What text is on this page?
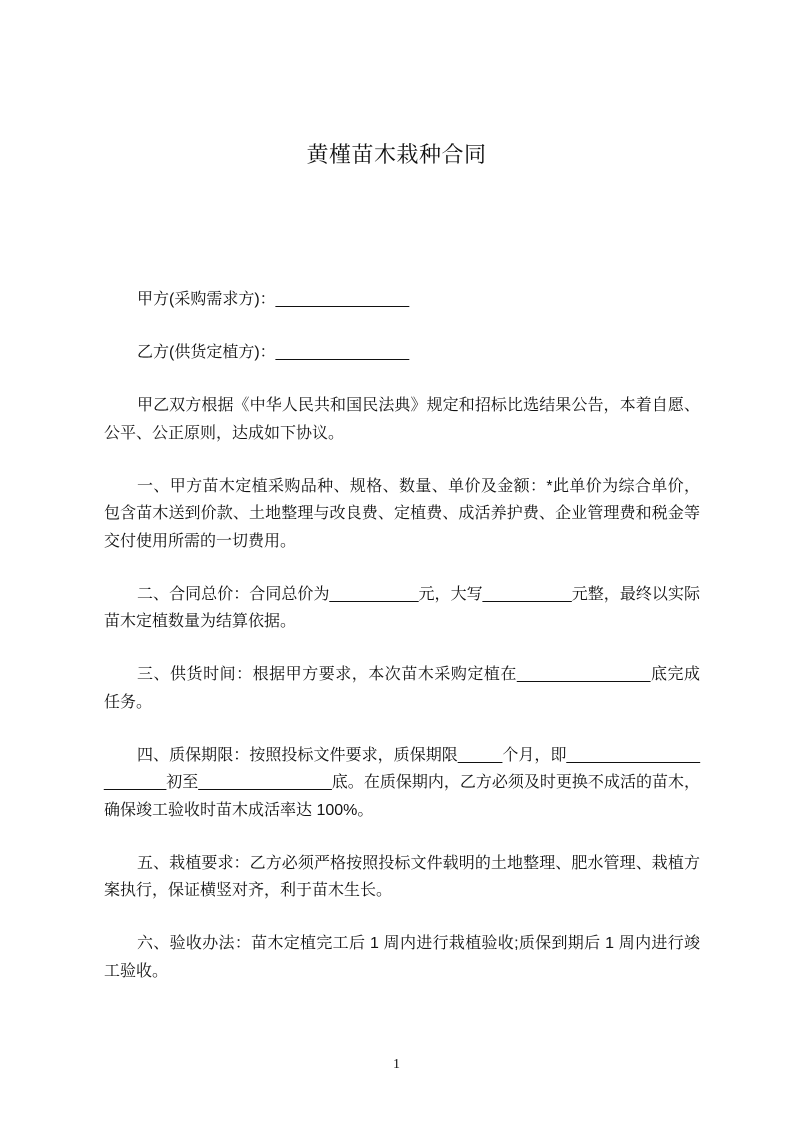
黄槿苗木栽种合同

甲方(采购需求方)：_______________

乙方(供货定植方)：_______________

甲乙双方根据《中华人民共和国民法典》规定和招标比选结果公告，本着自愿、公平、公正原则，达成如下协议。

一、甲方苗木定植采购品种、规格、数量、单价及金额：*此单价为综合单价，包含苗木送到价款、土地整理与改良费、定植费、成活养护费、企业管理费和税金等交付使用所需的一切费用。

二、合同总价：合同总价为__________元，大写__________元整，最终以实际苗木定植数量为结算依据。

三、供货时间：根据甲方要求，本次苗木采购定植在_______________底完成任务。

四、质保期限：按照投标文件要求，质保期限_____个月，即______________________初至_______________底。在质保期内，乙方必须及时更换不成活的苗木，确保竣工验收时苗木成活率达 100%。

五、栽植要求：乙方必须严格按照投标文件载明的土地整理、肥水管理、栽植方案执行，保证横竖对齐，利于苗木生长。

六、验收办法：苗木定植完工后 1 周内进行栽植验收;质保到期后 1 周内进行竣工验收。

1
